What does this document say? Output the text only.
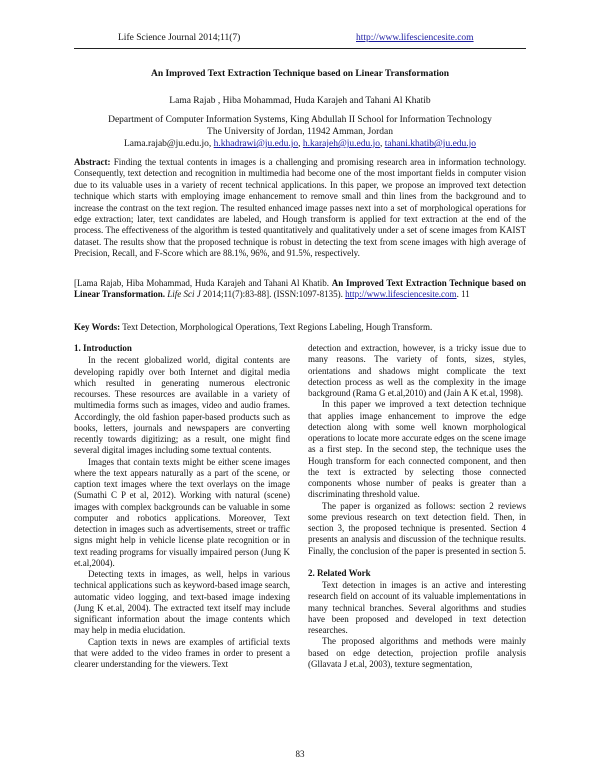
Life Science Journal 2014;11(7)	http://www.lifesciencesite.com
An Improved Text Extraction Technique based on Linear Transformation
Lama Rajab , Hiba Mohammad, Huda Karajeh and Tahani Al Khatib
Department of Computer Information Systems, King Abdullah II School for Information Technology
The University of Jordan, 11942 Amman, Jordan
Lama.rajab@ju.edu.jo, h.khadrawi@ju.edu.jo, h.karajeh@ju.edu.jo, tahani.khatib@ju.edu.jo
Abstract: Finding the textual contents in images is a challenging and promising research area in information technology. Consequently, text detection and recognition in multimedia had become one of the most important fields in computer vision due to its valuable uses in a variety of recent technical applications. In this paper, we propose an improved text detection technique which starts with employing image enhancement to remove small and thin lines from the background and to increase the contrast on the text region. The resulted enhanced image passes next into a set of morphological operations for edge extraction; later, text candidates are labeled, and Hough transform is applied for text extraction at the end of the process. The effectiveness of the algorithm is tested quantitatively and qualitatively under a set of scene images from KAIST dataset. The results show that the proposed technique is robust in detecting the text from scene images with high average of Precision, Recall, and F-Score which are 88.1%, 96%, and 91.5%, respectively.
[Lama Rajab, Hiba Mohammad, Huda Karajeh and Tahani Al Khatib. An Improved Text Extraction Technique based on Linear Transformation. Life Sci J 2014;11(7):83-88]. (ISSN:1097-8135). http://www.lifesciencesite.com. 11
Key Words: Text Detection, Morphological Operations, Text Regions Labeling, Hough Transform.
1. Introduction

In the recent globalized world, digital contents are developing rapidly over both Internet and digital media which resulted in generating numerous electronic recourses. These resources are available in a variety of multimedia forms such as images, video and audio frames. Accordingly, the old fashion paper-based products such as books, letters, journals and newspapers are converting recently towards digitizing; as a result, one might find several digital images including some textual contents.

Images that contain texts might be either scene images where the text appears naturally as a part of the scene, or caption text images where the text overlays on the image (Sumathi C P et al, 2012). Working with natural (scene) images with complex backgrounds can be valuable in some computer and robotics applications. Moreover, Text detection in images such as advertisements, street or traffic signs might help in vehicle license plate recognition or in text reading programs for visually impaired person (Jung K et.al,2004).

Detecting texts in images, as well, helps in various technical applications such as keyword-based image search, automatic video logging, and text-based image indexing (Jung K et.al, 2004). The extracted text itself may include significant information about the image contents which may help in media elucidation.

Caption texts in news are examples of artificial texts that were added to the video frames in order to present a clearer understanding for the viewers. Text

detection and extraction, however, is a tricky issue due to many reasons. The variety of fonts, sizes, styles, orientations and shadows might complicate the text detection process as well as the complexity in the image background (Rama G et.al,2010) and (Jain A K et.al, 1998).

In this paper we improved a text detection technique that applies image enhancement to improve the edge detection along with some well known morphological operations to locate more accurate edges on the scene image as a first step. In the second step, the technique uses the Hough transform for each connected component, and then the text is extracted by selecting those connected components whose number of peaks is greater than a discriminating threshold value.

The paper is organized as follows: section 2 reviews some previous research on text detection field. Then, in section 3, the proposed technique is presented. Section 4 presents an analysis and discussion of the technique results. Finally, the conclusion of the paper is presented in section 5.

2. Related Work

Text detection in images is an active and interesting research field on account of its valuable implementations in many technical branches. Several algorithms and studies have been proposed and developed in text detection researches.

The proposed algorithms and methods were mainly based on edge detection, projection profile analysis (Gllavata J et.al, 2003), texture segmentation,

83
